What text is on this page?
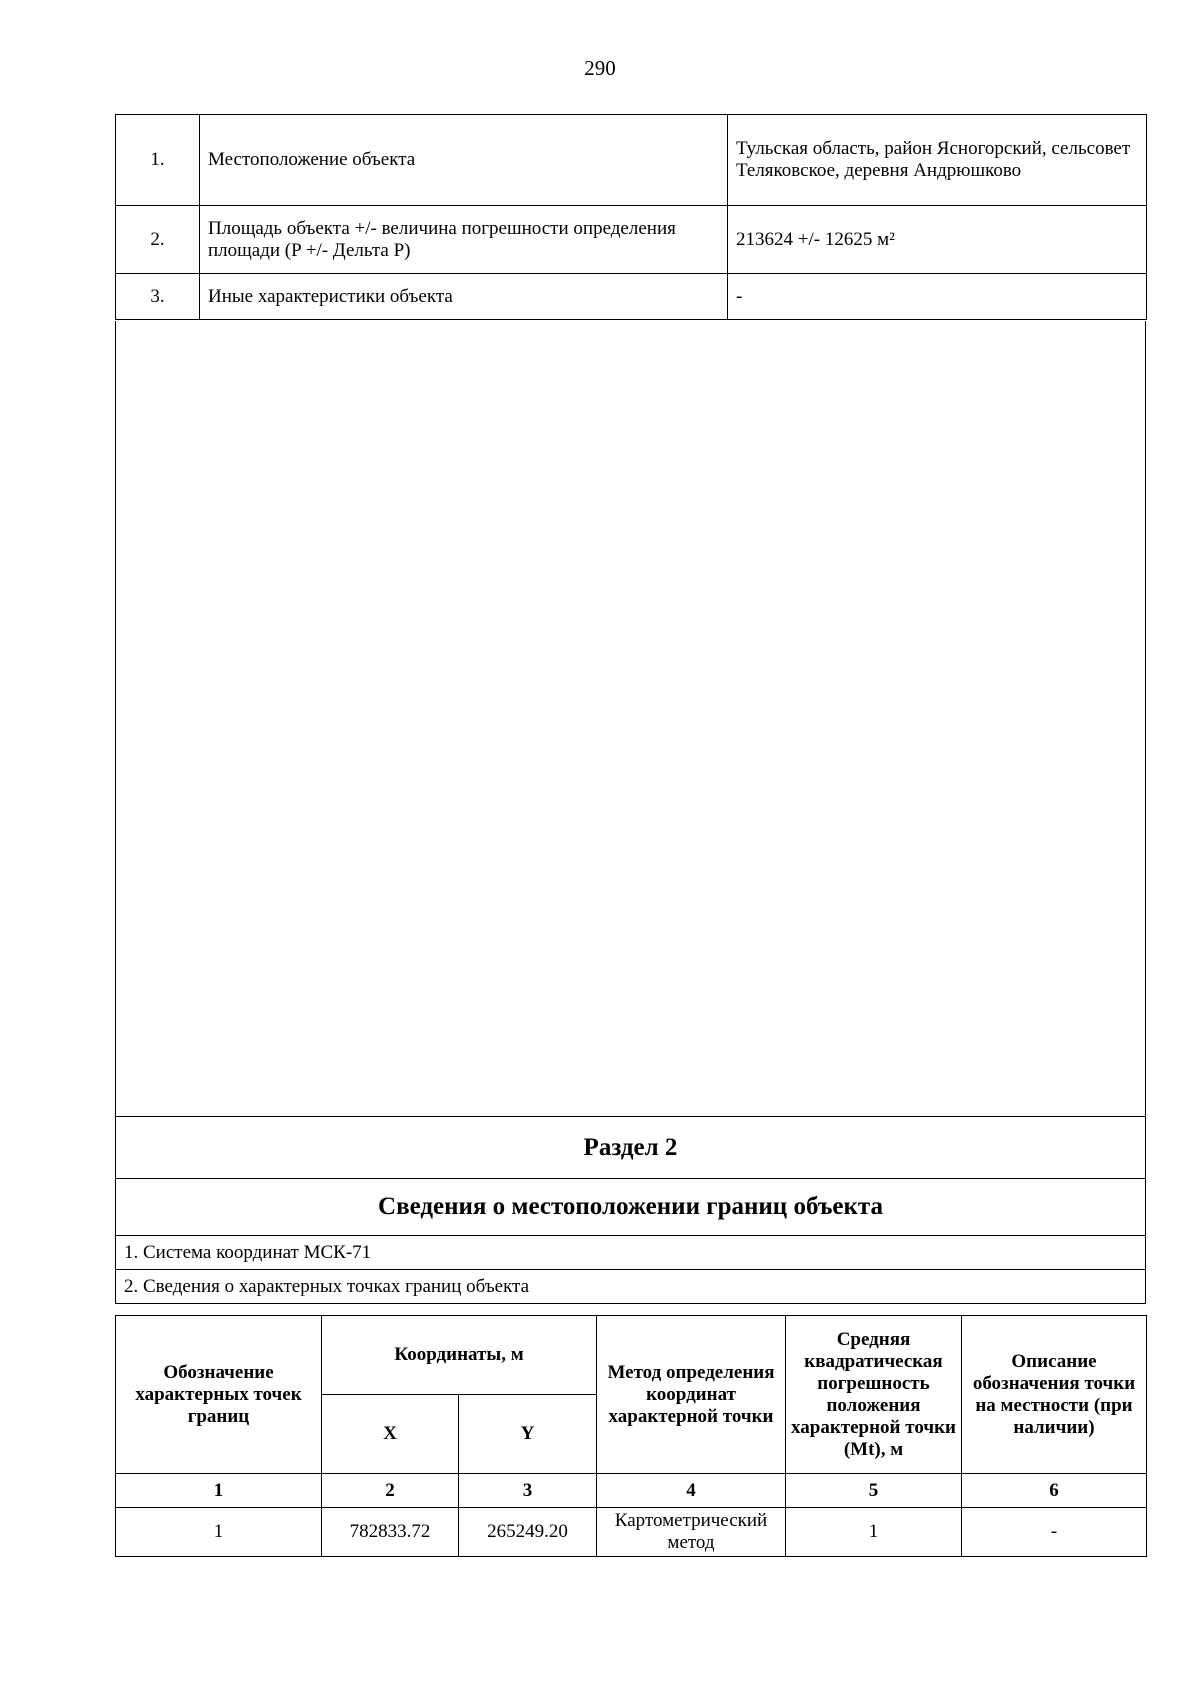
290
1.	Местоположение объекта	Тульская область, район Ясногорский, сельсовет Теляковское, деревня Андрюшково
2.	Площадь объекта +/- величина погрешности определения площади (P +/- Дельта P)	213624 +/- 12625 м²
3.	Иные характеристики объекта	-
Раздел 2
Сведения о местоположении границ объекта
1. Система координат МСК-71
2. Сведения о характерных точках границ объекта
Обозначение характерных точек границ	Координаты, м		Метод определения координат характерной точки	Средняя квадратическая погрешность положения характерной точки (Mt), м	Описание обозначения точки на местности (при наличии)
	X	Y			
1	2	3	4	5	6
1	782833.72	265249.20	Картометрический метод	1	-
